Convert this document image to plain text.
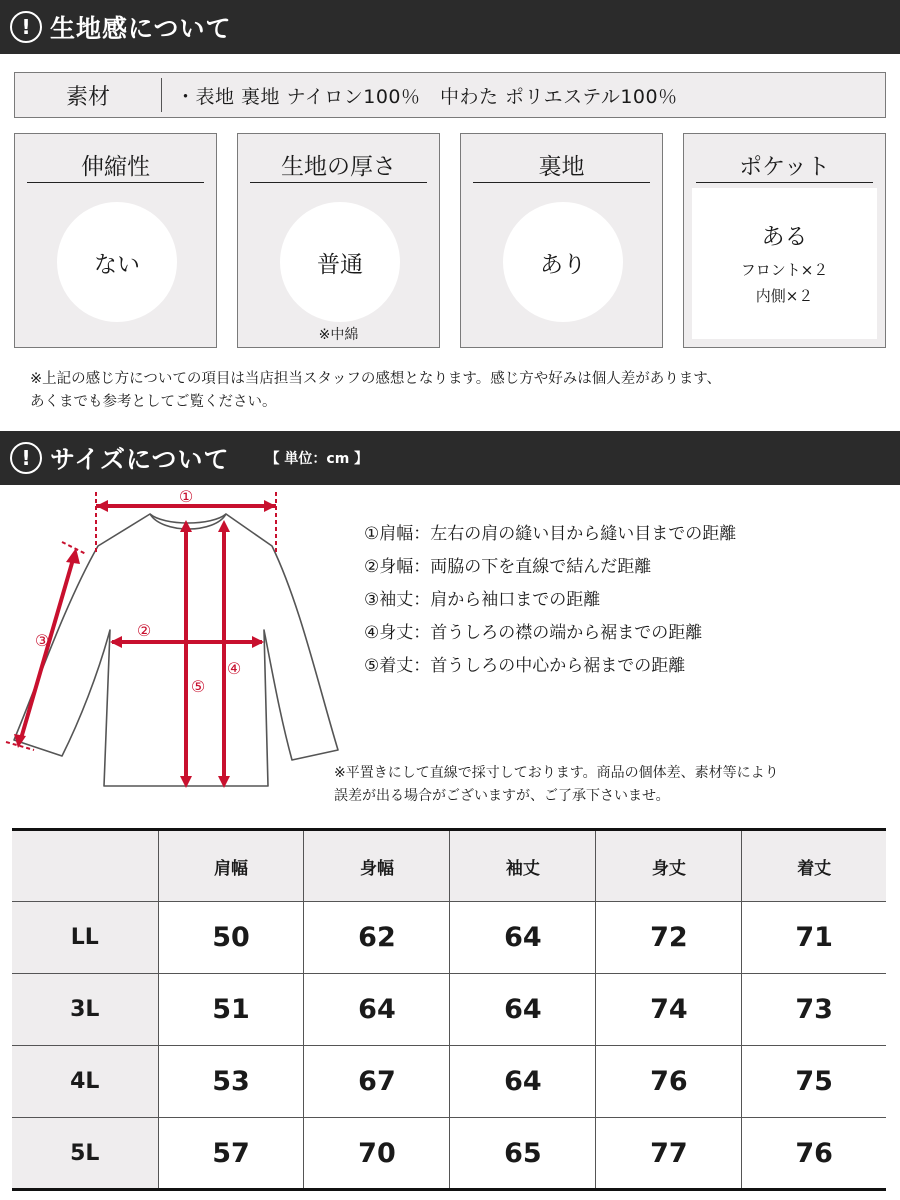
! 生地感について
素材	・表地 裏地 ナイロン100％　中わた ポリエステル100％
伸縮性
ない
生地の厚さ
普通
※中綿
裏地
あり
ポケット
ある
フロント×２
内側×２
※上記の感じ方についての項目は当店担当スタッフの感想となります。感じ方や好みは個人差があります、
あくまでも参考としてご覧ください。
! サイズについて	【 単位：cm 】
①
②
③
④
⑤
①肩幅：左右の肩の縫い目から縫い目までの距離
②身幅：両脇の下を直線で結んだ距離
③袖丈：肩から袖口までの距離
④身丈：首うしろの襟の端から裾までの距離
⑤着丈：首うしろの中心から裾までの距離
※平置きにして直線で採寸しております。商品の個体差、素材等により
誤差が出る場合がございますが、ご了承下さいませ。
	肩幅	身幅	袖丈	身丈	着丈
LL	50	62	64	72	71
3L	51	64	64	74	73
4L	53	67	64	76	75
5L	57	70	65	77	76
